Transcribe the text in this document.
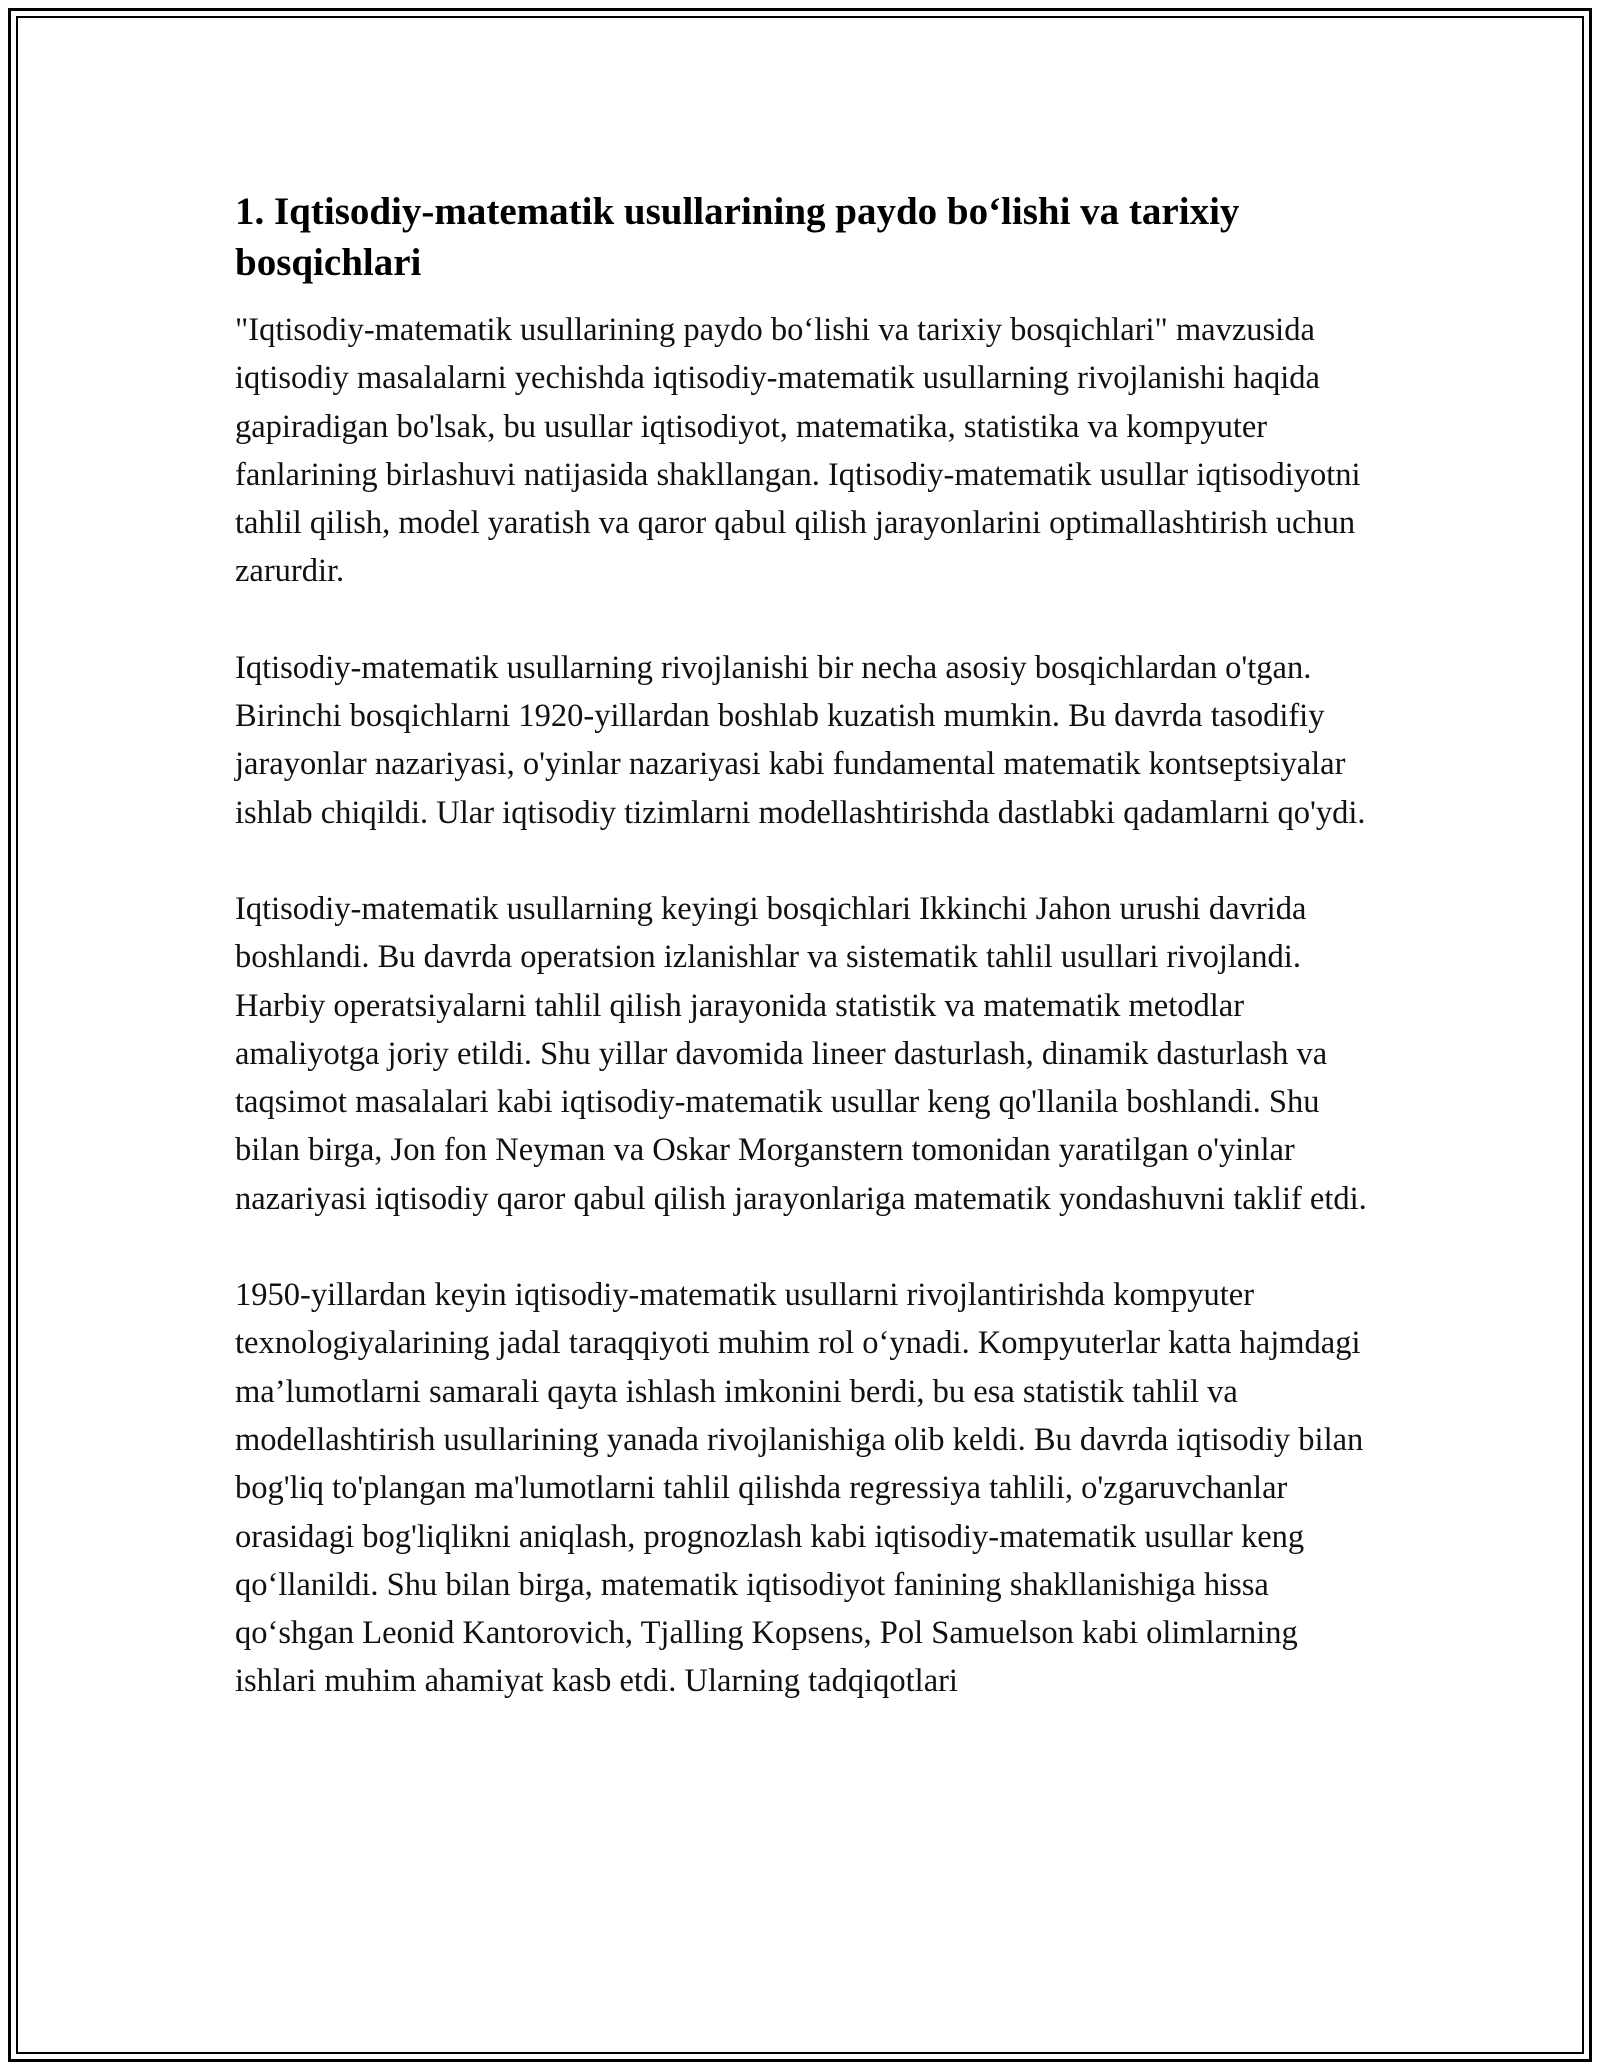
1. Iqtisodiy-matematik usullarining paydo bo‘lishi va tarixiy bosqichlari

"Iqtisodiy-matematik usullarining paydo bo‘lishi va tarixiy bosqichlari" mavzusida iqtisodiy masalalarni yechishda iqtisodiy-matematik usullarning rivojlanishi haqida gapiradigan bo'lsak, bu usullar iqtisodiyot, matematika, statistika va kompyuter fanlarining birlashuvi natijasida shakllangan. Iqtisodiy-matematik usullar iqtisodiyotni tahlil qilish, model yaratish va qaror qabul qilish jarayonlarini optimallashtirish uchun zarurdir.

Iqtisodiy-matematik usullarning rivojlanishi bir necha asosiy bosqichlardan o'tgan. Birinchi bosqichlarni 1920-yillardan boshlab kuzatish mumkin. Bu davrda tasodifiy jarayonlar nazariyasi, o'yinlar nazariyasi kabi fundamental matematik kontseptsiyalar ishlab chiqildi. Ular iqtisodiy tizimlarni modellashtirishda dastlabki qadamlarni qo'ydi.

Iqtisodiy-matematik usullarning keyingi bosqichlari Ikkinchi Jahon urushi davrida boshlandi. Bu davrda operatsion izlanishlar va sistematik tahlil usullari rivojlandi. Harbiy operatsiyalarni tahlil qilish jarayonida statistik va matematik metodlar amaliyotga joriy etildi. Shu yillar davomida lineer dasturlash, dinamik dasturlash va taqsimot masalalari kabi iqtisodiy-matematik usullar keng qo'llanila boshlandi. Shu bilan birga, Jon fon Neyman va Oskar Morganstern tomonidan yaratilgan o'yinlar nazariyasi iqtisodiy qaror qabul qilish jarayonlariga matematik yondashuvni taklif etdi.

1950-yillardan keyin iqtisodiy-matematik usullarni rivojlantirishda kompyuter texnologiyalarining jadal taraqqiyoti muhim rol o‘ynadi. Kompyuterlar katta hajmdagi ma’lumotlarni samarali qayta ishlash imkonini berdi, bu esa statistik tahlil va modellashtirish usullarining yanada rivojlanishiga olib keldi. Bu davrda iqtisodiy bilan bog'liq to'plangan ma'lumotlarni tahlil qilishda regressiya tahlili, o'zgaruvchanlar orasidagi bog'liqlikni aniqlash, prognozlash kabi iqtisodiy-matematik usullar keng qo‘llanildi. Shu bilan birga, matematik iqtisodiyot fanining shakllanishiga hissa qo‘shgan Leonid Kantorovich, Tjalling Kopsens, Pol Samuelson kabi olimlarning ishlari muhim ahamiyat kasb etdi. Ularning tadqiqotlari
